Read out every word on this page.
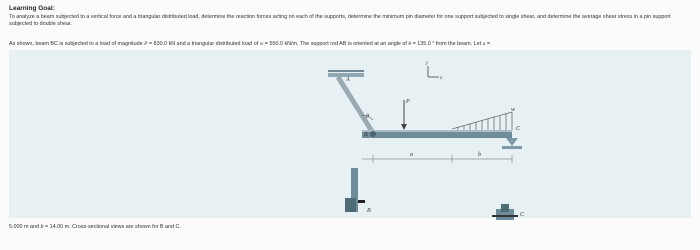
Learning Goal:
To analyze a beam subjected to a vertical force and a triangular distributed load, determine the reaction forces acting on each of the supports, determine the minimum pin diameter for one support subjected to single shear, and determine the average shear stress in a pin support subjected to double shear.
As shown, beam BC is subjected to a load of magnitude P = 830.0 kN and a triangular distributed load of w = 550.0 kN/m. The support rod AB is oriented at an angle of θ = 135.0 ° from the beam. Let a =
A
B
P
θ
w
C
a	b
x
y
B
C
5.000 m and b = 14.00 m. Cross-sectional views are shown for B and C.
